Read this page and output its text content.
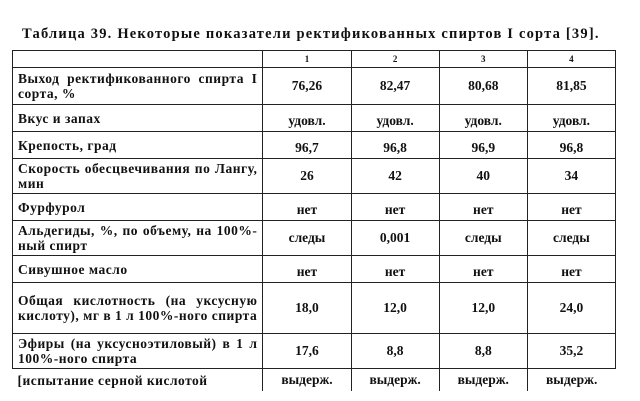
Таблица 39. Некоторые показатели ректификованных спиртов I сорта [39].
	1	2	3	4
Выход ректификованного спирта I сорта, %	76,26	82,47	80,68	81,85
Вкус и запах	удовл.	удовл.	удовл.	удовл.
Крепость, град	96,7	96,8	96,9	96,8
Скорость обесцвечивания по Лангу, мин	26	42	40	34
Фурфурол	нет	нет	нет	нет
Альдегиды, %, по объему, на 100%-ный спирт	следы	0,001	следы	следы
Сивушное масло	нет	нет	нет	нет
Общая кислотность (на уксусную кислоту), мг в 1 л 100%-ного спирта	18,0	12,0	12,0	24,0
Эфиры (на уксусноэтиловый) в 1 л 100%-ного спирта	17,6	8,8	8,8	35,2
[испытание серной кислотой	выдерж.	выдерж.	выдерж.	выдерж.
